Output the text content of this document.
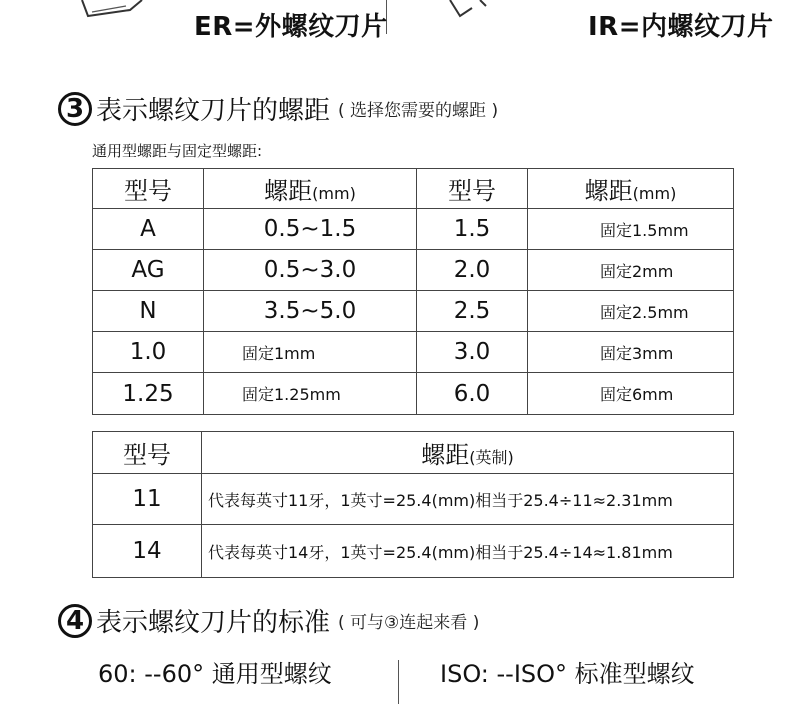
ER=外螺纹刀片	IR=内螺纹刀片
3 表示螺纹刀片的螺距 ( 选择您需要的螺距 )
通用型螺距与固定型螺距:
型号	螺距(mm)	型号	螺距(mm)
A	0.5~1.5	1.5	固定1.5mm
AG	0.5~3.0	2.0	固定2mm
N	3.5~5.0	2.5	固定2.5mm
1.0	固定1mm	3.0	固定3mm
1.25	固定1.25mm	6.0	固定6mm
型号	螺距(英制)
11	代表每英寸11牙，1英寸=25.4(mm)相当于25.4÷11≈2.31mm
14	代表每英寸14牙，1英寸=25.4(mm)相当于25.4÷14≈1.81mm
4 表示螺纹刀片的标准 ( 可与③连起来看 )
60: --60° 通用型螺纹	ISO: --ISO° 标准型螺纹
